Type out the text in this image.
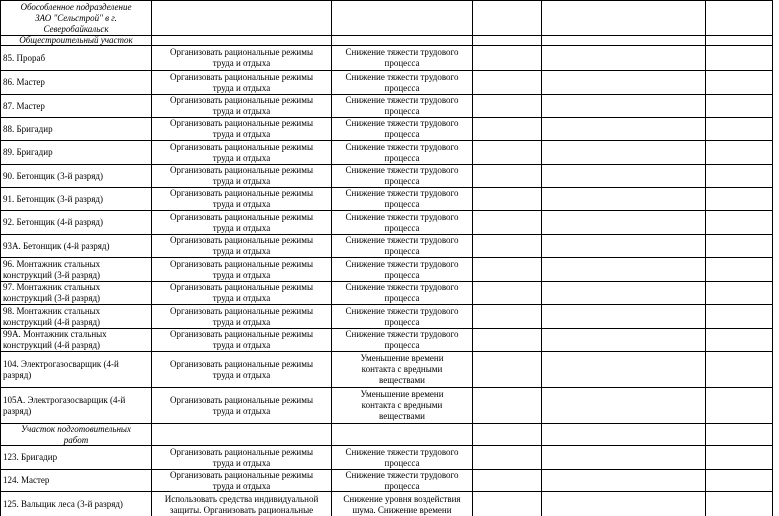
Обособленное подразделение
ЗАО "Сельстрой" в г.
Северобайкальск
Общестроительный участок
85. Прораб
Организовать рациональные режимы
труда и отдыха
Снижение тяжести трудового
процесса
86. Мастер
Организовать рациональные режимы
труда и отдыха
Снижение тяжести трудового
процесса
87. Мастер
Организовать рациональные режимы
труда и отдыха
Снижение тяжести трудового
процесса
88. Бригадир
Организовать рациональные режимы
труда и отдыха
Снижение тяжести трудового
процесса
89. Бригадир
Организовать рациональные режимы
труда и отдыха
Снижение тяжести трудового
процесса
90. Бетонщик (3-й разряд)
Организовать рациональные режимы
труда и отдыха
Снижение тяжести трудового
процесса
91. Бетонщик (3-й разряд)
Организовать рациональные режимы
труда и отдыха
Снижение тяжести трудового
процесса
92. Бетонщик (4-й разряд)
Организовать рациональные режимы
труда и отдыха
Снижение тяжести трудового
процесса
93А. Бетонщик (4-й разряд)
Организовать рациональные режимы
труда и отдыха
Снижение тяжести трудового
процесса
96. Монтажник стальных
конструкций (3-й разряд)
Организовать рациональные режимы
труда и отдыха
Снижение тяжести трудового
процесса
97. Монтажник стальных
конструкций (3-й разряд)
Организовать рациональные режимы
труда и отдыха
Снижение тяжести трудового
процесса
98. Монтажник стальных
конструкций (4-й разряд)
Организовать рациональные режимы
труда и отдыха
Снижение тяжести трудового
процесса
99А. Монтажник стальных
конструкций (4-й разряд)
Организовать рациональные режимы
труда и отдыха
Снижение тяжести трудового
процесса
104. Электрогазосварщик (4-й
разряд)
Организовать рациональные режимы
труда и отдыха
Уменьшение времени
контакта с вредными
веществами
105А. Электрогазосварщик (4-й
разряд)
Организовать рациональные режимы
труда и отдыха
Уменьшение времени
контакта с вредными
веществами
Участок подготовительных
работ
123. Бригадир
Организовать рациональные режимы
труда и отдыха
Снижение тяжести трудового
процесса
124. Мастер
Организовать рациональные режимы
труда и отдыха
Снижение тяжести трудового
процесса
125. Вальщик леса (3-й разряд)
Использовать средства индивидуальной
защиты. Организовать рациональные
Снижение уровня воздействия
шума. Снижение времени
